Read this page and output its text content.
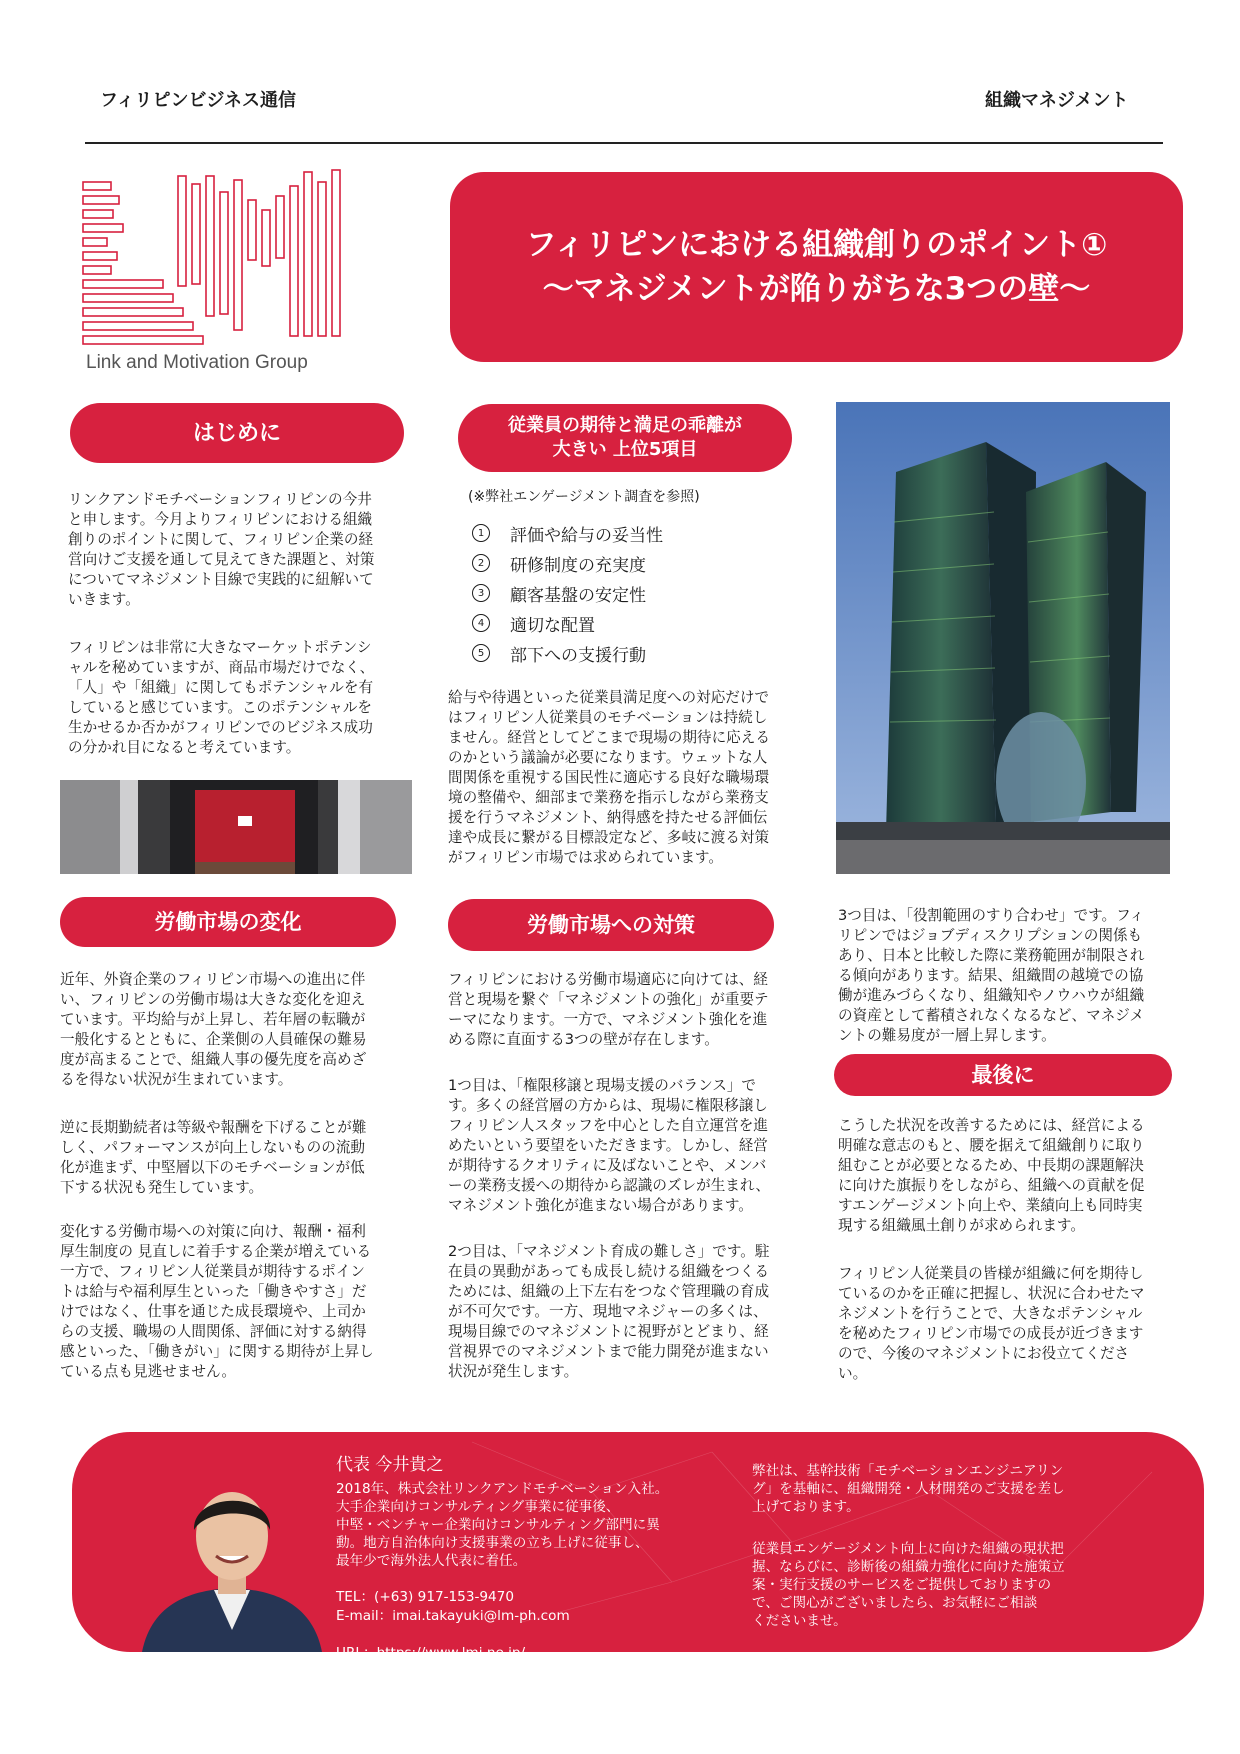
フィリピンビジネス通信	組織マネジメント
Link and Motivation Group
フィリピンにおける組織創りのポイント①
〜マネジメントが陥りがちな3つの壁〜
はじめに
リンクアンドモチベーションフィリピンの今井
と申します。今月よりフィリピンにおける組織
創りのポイントに関して、フィリピン企業の経
営向けご支援を通して見えてきた課題と、対策
についてマネジメント目線で実践的に紐解いて
いきます。
フィリピンは非常に大きなマーケットポテンシ
ャルを秘めていますが、商品市場だけでなく、
「人」や「組織」に関してもポテンシャルを有
していると感じています。このポテンシャルを
生かせるか否かがフィリピンでのビジネス成功
の分かれ目になると考えています。
労働市場の変化
近年、外資企業のフィリピン市場への進出に伴
い、フィリピンの労働市場は大きな変化を迎え
ています。平均給与が上昇し、若年層の転職が
一般化するとともに、企業側の人員確保の難易
度が高まることで、組織人事の優先度を高めざ
るを得ない状況が生まれています。
逆に長期勤続者は等級や報酬を下げることが難
しく、パフォーマンスが向上しないものの流動
化が進まず、中堅層以下のモチベーションが低
下する状況も発生しています。
変化する労働市場への対策に向け、報酬・福利
厚生制度の 見直しに着手する企業が増えている
一方で、フィリピン人従業員が期待するポイン
トは給与や福利厚生といった「働きやすさ」だ
けではなく、仕事を通じた成長環境や、上司か
らの支援、職場の人間関係、評価に対する納得
感といった、「働きがい」に関する期待が上昇し
ている点も見逃せません。
従業員の期待と満足の乖離が
大きい 上位5項目
(※弊社エンゲージメント調査を参照)
1	評価や給与の妥当性
2	研修制度の充実度
3	顧客基盤の安定性
4	適切な配置
5	部下への支援行動
給与や待遇といった従業員満足度への対応だけで
はフィリピン人従業員のモチベーションは持続し
ません。経営としてどこまで現場の期待に応える
のかという議論が必要になります。ウェットな人
間関係を重視する国民性に適応する良好な職場環
境の整備や、細部まで業務を指示しながら業務支
援を行うマネジメント、納得感を持たせる評価伝
達や成長に繋がる目標設定など、多岐に渡る対策
がフィリピン市場では求められています。
労働市場への対策
フィリピンにおける労働市場適応に向けては、経
営と現場を繋ぐ「マネジメントの強化」が重要テ
ーマになります。一方で、マネジメント強化を進
める際に直面する3つの壁が存在します。
1つ目は、「権限移譲と現場支援のバランス」で
す。多くの経営層の方からは、現場に権限移譲し
フィリピン人スタッフを中心とした自立運営を進
めたいという要望をいただきます。しかし、経営
が期待するクオリティに及ばないことや、メンバ
ーの業務支援への期待から認識のズレが生まれ、
マネジメント強化が進まない場合があります。
2つ目は、「マネジメント育成の難しさ」です。駐
在員の異動があっても成長し続ける組織をつくる
ためには、組織の上下左右をつなぐ管理職の育成
が不可欠です。一方、現地マネジャーの多くは、
現場目線でのマネジメントに視野がとどまり、経
営視界でのマネジメントまで能力開発が進まない
状況が発生します。
3つ目は、「役割範囲のすり合わせ」です。フィ
リピンではジョブディスクリプションの関係も
あり、日本と比較した際に業務範囲が制限され
る傾向があります。結果、組織間の越境での協
働が進みづらくなり、組織知やノウハウが組織
の資産として蓄積されなくなるなど、マネジメ
ントの難易度が一層上昇します。
最後に
こうした状況を改善するためには、経営による
明確な意志のもと、腰を据えて組織創りに取り
組むことが必要となるため、中長期の課題解決
に向けた旗振りをしながら、組織への貢献を促
すエンゲージメント向上や、業績向上も同時実
現する組織風土創りが求められます。
フィリピン人従業員の皆様が組織に何を期待し
ているのかを正確に把握し、状況に合わせたマ
ネジメントを行うことで、大きなポテンシャル
を秘めたフィリピン市場での成長が近づきます
ので、今後のマネジメントにお役立てくださ
い。
代表 今井貴之
2018年、株式会社リンクアンドモチベーション入社。
大手企業向けコンサルティング事業に従事後、
中堅・ベンチャー企業向けコンサルティング部門に異
動。地方自治体向け支援事業の立ち上げに従事し、
最年少で海外法人代表に着任。
TEL：(+63) 917-153-9470
E-mail：imai.takayuki@lm-ph.com

URL：https://www.lmi.ne.jp/

弊社は、基幹技術「モチベーションエンジニアリン
グ」を基軸に、組織開発・人材開発のご支援を差し
上げております。
従業員エンゲージメント向上に向けた組織の現状把
握、ならびに、診断後の組織力強化に向けた施策立
案・実行支援のサービスをご提供しておりますの
で、ご関心がございましたら、お気軽にご相談
くださいませ。
